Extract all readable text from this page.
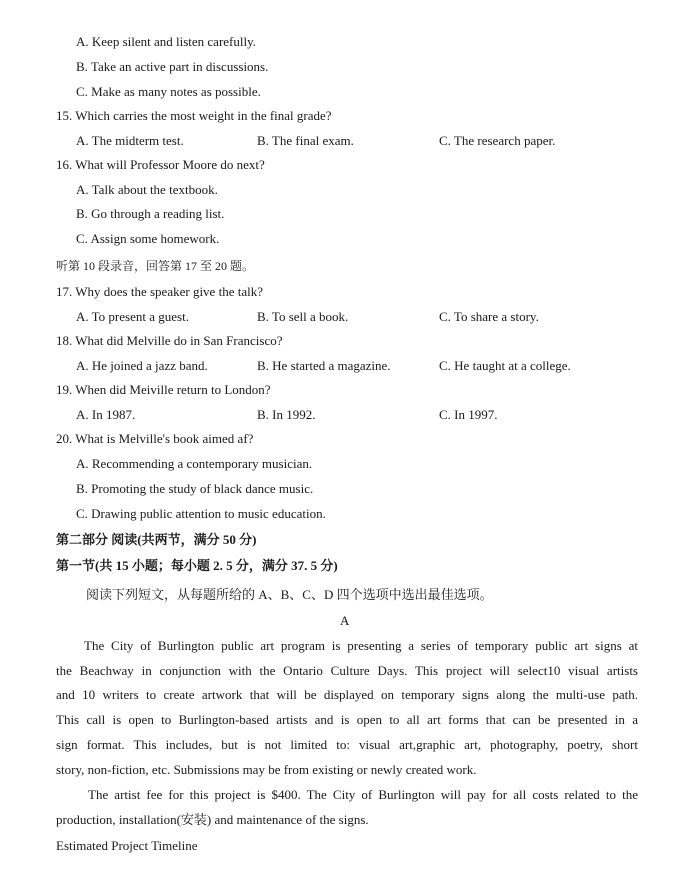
A. Keep silent and listen carefully.
B. Take an active part in discussions.
C. Make as many notes as possible.
15. Which carries the most weight in the final grade?
A. The midterm test.	B. The final exam.	C. The research paper.
16. What will Professor Moore do next?
A. Talk about the textbook.
B. Go through a reading list.
C. Assign some homework.
听第 10 段录音，回答第 17 至 20 题。
17. Why does the speaker give the talk?
A. To present a guest.	B. To sell a book.	C. To share a story.
18. What did Melville do in San Francisco?
A. He joined a jazz band.	B. He started a magazine.	C. He taught at a college.
19. When did Meiville return to London?
A. In 1987.	B. In 1992.	C. In 1997.
20. What is Melville's book aimed af?
A. Recommending a contemporary musician.
B. Promoting the study of black dance music.
C. Drawing public attention to music education.
第二部分 阅读(共两节，满分 50 分)
第一节(共 15 小题；每小题 2. 5 分，满分 37. 5 分)
阅读下列短文，从每题所给的 A、B、C、D 四个选项中选出最佳选项。
A
The City of Burlington public art program is presenting a series of temporary public art signs at
the Beachway in conjunction with the Ontario Culture Days. This project will select10 visual artists
and 10 writers to create artwork that will be displayed on temporary signs along the multi-use path.
This call is open to Burlington-based artists and is open to all art forms that can be presented in a
sign format. This includes, but is not limited to: visual art,graphic art, photography, poetry, short
story, non-fiction, etc. Submissions may be from existing or newly created work.
The artist fee for this project is $400. The City of Burlington will pay for all costs related to the
production, installation(安装) and maintenance of the signs.
Estimated Project Timeline
